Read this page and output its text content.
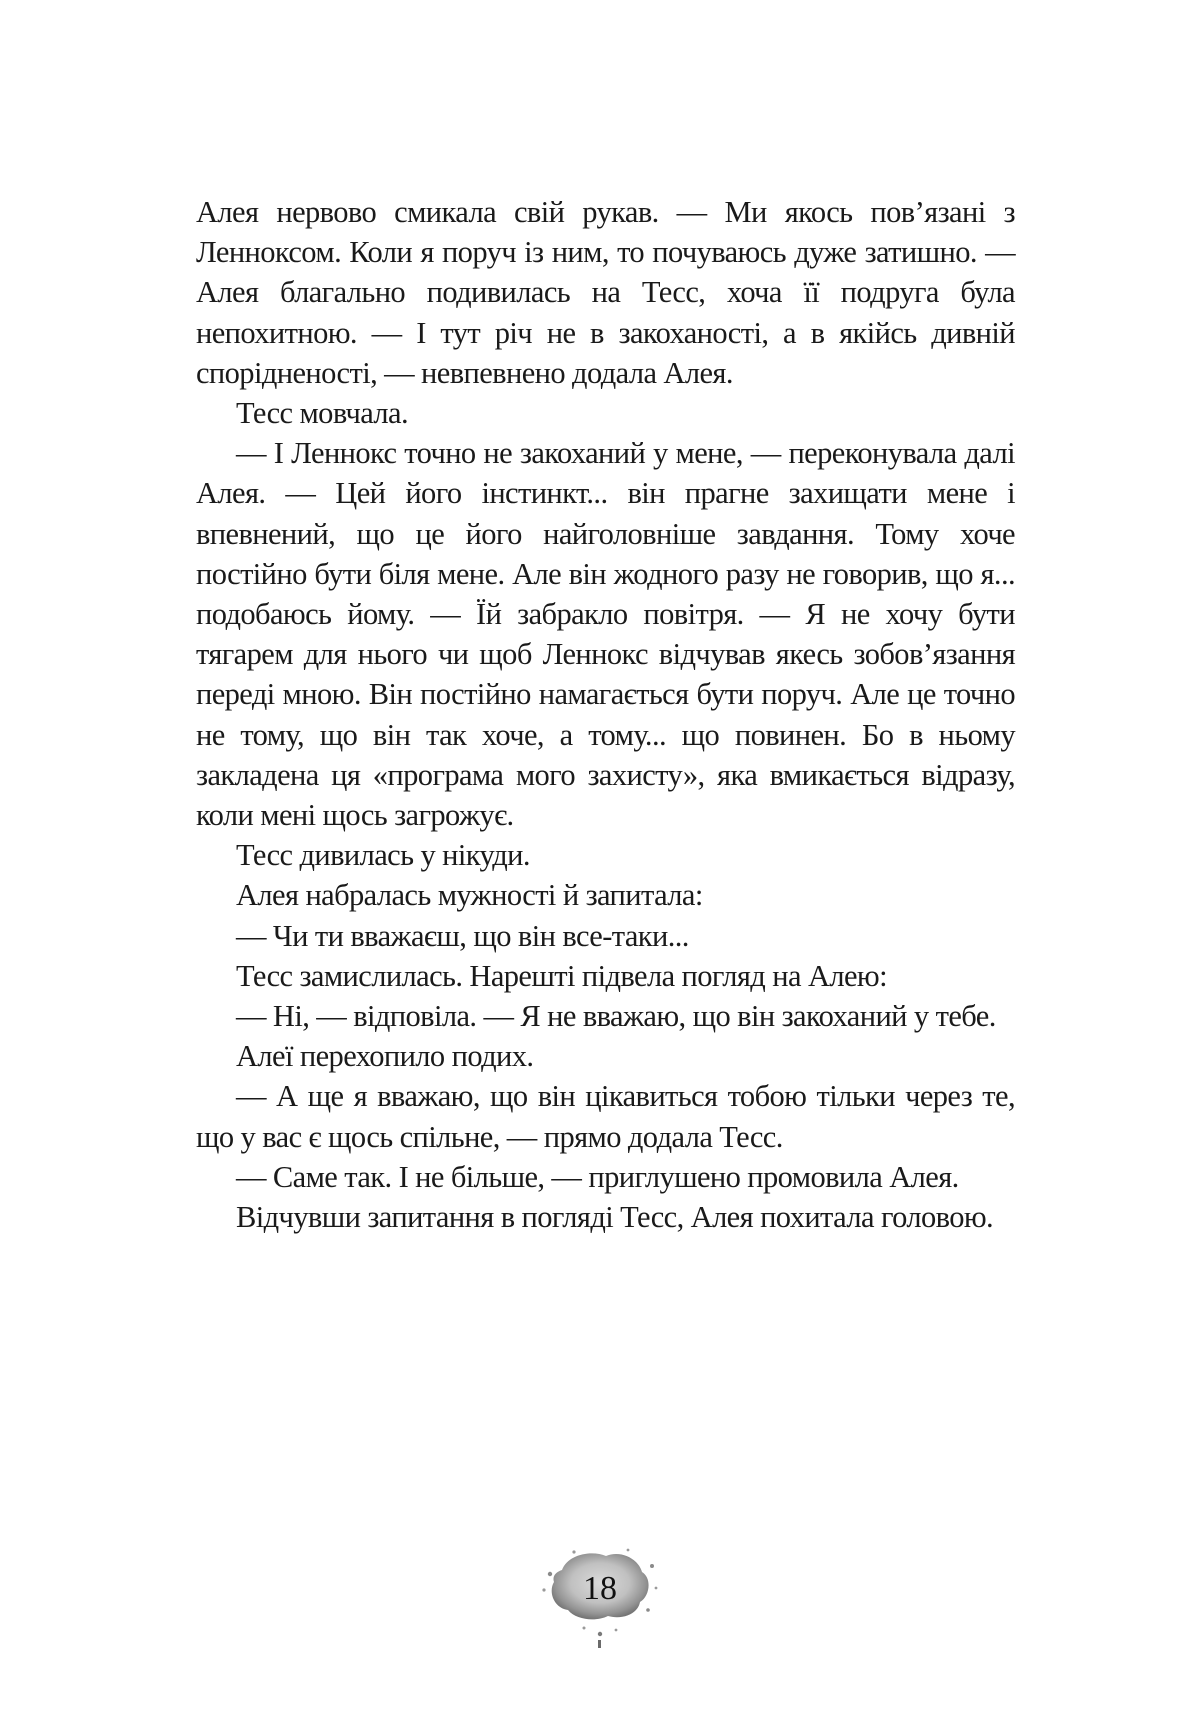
Алея нервово смикала свій рукав. — Ми якось пов’язані з Ленноксом. Коли я поруч із ним, то почуваюсь дуже затишно. — Алея благально подивилась на Тесс, хоча її подруга була непохитною. — І тут річ не в закоханості, а в якійсь дивній спорідненості, — невпевнено додала Алея.

Тесс мовчала.

— І Леннокс точно не закоханий у мене, — переконувала далі Алея. — Цей його інстинкт... він прагне захищати мене і впевнений, що це його найголовніше завдання. Тому хоче постійно бути біля мене. Але він жодного разу не говорив, що я... подобаюсь йому. — Їй забракло повітря. — Я не хочу бути тягарем для нього чи щоб Леннокс відчував якесь зобов’язання переді мною. Він постійно намагається бути поруч. Але це точно не тому, що він так хоче, а тому... що повинен. Бо в ньому закладена ця «програма мого захисту», яка вмикається відразу, коли мені щось загрожує.

Тесс дивилась у нікуди.

Алея набралась мужності й запитала:

— Чи ти вважаєш, що він все-таки...

Тесс замислилась. Нарешті підвела погляд на Алею:

— Ні, — відповіла. — Я не вважаю, що він закоханий у тебе.

Алеї перехопило подих.

— А ще я вважаю, що він цікавиться тобою тільки через те, що у вас є щось спільне, — прямо додала Тесс.

— Саме так. І не більше, — приглушено промовила Алея.

Відчувши запитання в погляді Тесс, Алея похитала головою.

18
